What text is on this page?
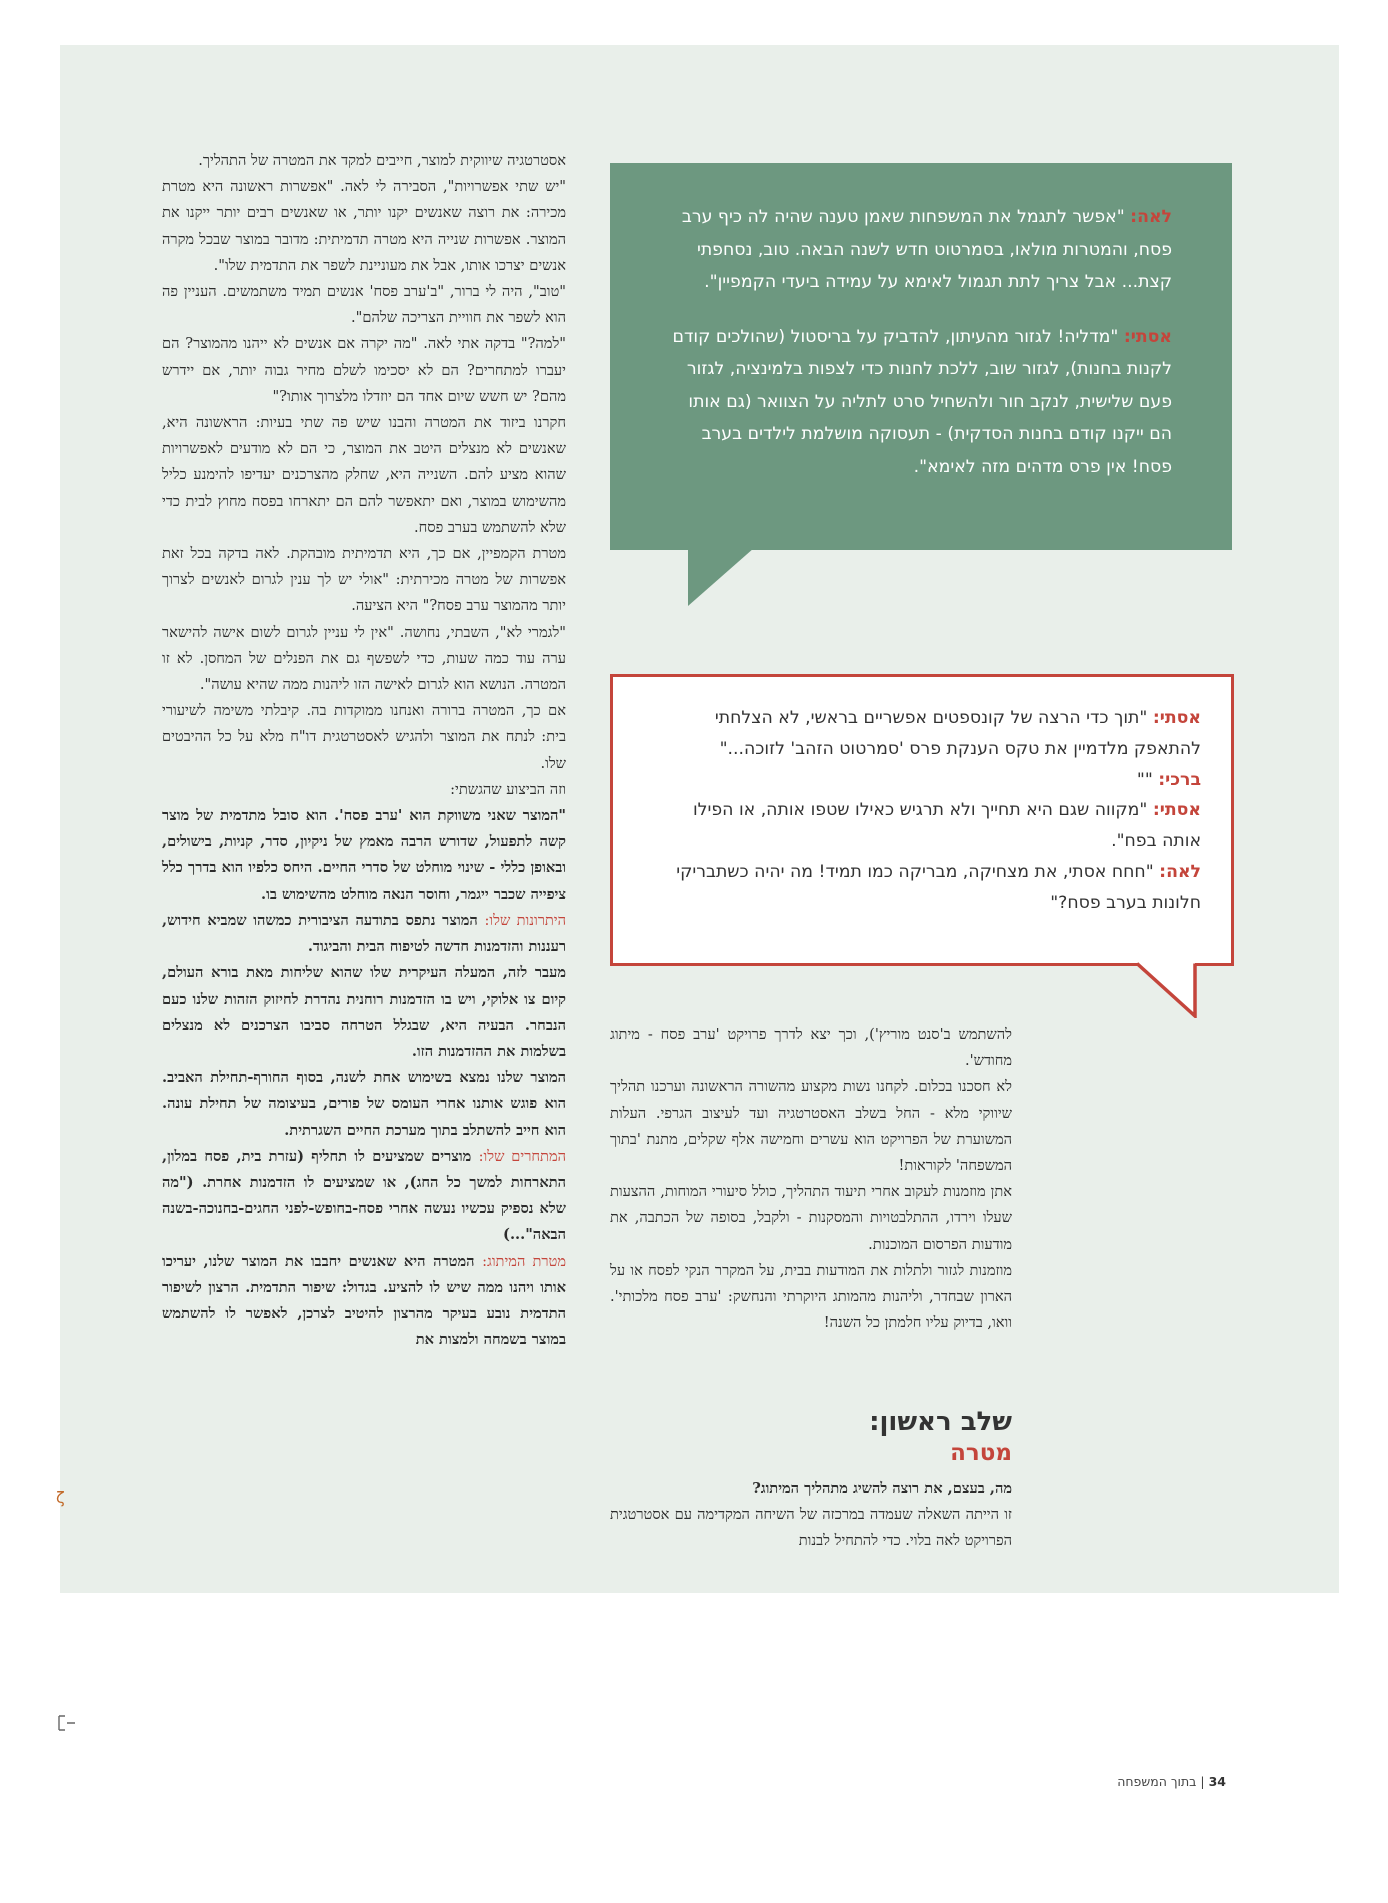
אסטרטגיה שיווקית למוצר, חייבים למקד את המטרה של התהליך.

"יש שתי אפשרויות", הסבירה לי לאה. "אפשרות ראשונה היא מטרת מכירה: את רוצה שאנשים יקנו יותר, או שאנשים רבים יותר ייקנו את המוצר. אפשרות שנייה היא מטרה תדמיתית: מדובר במוצר שבכל מקרה אנשים יצרכו אותו, אבל את מעוניינת לשפר את התדמית שלו".

"טוב", היה לי ברור, "ב'ערב פסח' אנשים תמיד משתמשים. העניין פה הוא לשפר את חוויית הצריכה שלהם".

"למה?" בדקה אתי לאה. "מה יקרה אם אנשים לא ייהנו מהמוצר? הם יעברו למתחרים? הם לא יסכימו לשלם מחיר גבוה יותר, אם יידרש מהם? יש חשש שיום אחד הם יוזדלו מלצרוך אותו?"

חקרנו ביזוד את המטרה והבנו שיש פה שתי בעיות: הראשונה היא, שאנשים לא מנצלים היטב את המוצר, כי הם לא מודעים לאפשרויות שהוא מציע להם. השנייה היא, שחלק מהצרכנים יעדיפו להימנע כליל מהשימוש במוצר, ואם יתאפשר להם הם יתארחו בפסח מחוץ לבית כדי שלא להשתמש בערב פסח.

מטרת הקמפיין, אם כך, היא תדמיתית מובהקת. לאה בדקה בכל זאת אפשרות של מטרה מכירתית: "אולי יש לך ענין לגרום לאנשים לצרוך יותר מהמוצר ערב פסח?" היא הציעה.

"לגמרי לא", השבתי, נחושה. "אין לי עניין לגרום לשום אישה להישאר ערה עוד כמה שעות, כדי לשפשף גם את הפנלים של המחסן. לא זו המטרה. הנושא הוא לגרום לאישה הזו ליהנות ממה שהיא עושה".

אם כך, המטרה ברורה ואנחנו ממוקדות בה. קיבלתי משימה לשיעורי בית: לנתח את המוצר ולהגיש לאסטרטגית דו"ח מלא על כל ההיבטים שלו.

וזה הביצוע שהגשתי:

"המוצר שאני משווקת הוא 'ערב פסח'. הוא סובל מתדמית של מוצר קשה לתפעול, שדורש הרבה מאמץ של ניקיון, סדר, קניות, בישולים, ובאופן כללי - שינוי מוחלט של סדרי החיים. היחס כלפיו הוא בדרך כלל ציפייה שכבר ייגמר, וחוסר הנאה מוחלט מהשימוש בו.

היתרונות שלו: המוצר נתפס בתודעה הציבורית כמשהו שמביא חידוש, רעננות והזדמנות חדשה לטיפוח הבית והביגוד.

מעבר לזה, המעלה העיקרית שלו שהוא שליחות מאת בורא העולם, קיום צו אלוקי, ויש בו הזדמנות רוחנית נהדרת לחיזוק הזהות שלנו כעם הנבחר. הבעיה היא, שבגלל הטרחה סביבו הצרכנים לא מנצלים בשלמות את ההזדמנות הזו.

המוצר שלנו נמצא בשימוש אחת לשנה, בסוף החורף-תחילת האביב. הוא פוגש אותנו אחרי העומס של פורים, בעיצומה של תחילת עונה. הוא חייב להשתלב בתוך מערכת החיים השגרתית.

המתחרים שלו: מוצרים שמציעים לו תחליף (עזרת בית, פסח במלון, התארחות למשך כל החג), או שמציעים לו הזדמנות אחרת. ("מה שלא נספיק עכשיו נעשה אחרי פסח-בחופש-לפני החגים-בחנוכה-בשנה הבאה"...)

מטרת המיתוג: המטרה היא שאנשים יחבבו את המוצר שלנו, יעריכו אותו ויהנו ממה שיש לו להציע. בגדול: שיפור התדמית. הרצון לשיפור התדמית נובע בעיקר מהרצון להיטיב לצרכן, לאפשר לו להשתמש במוצר בשמחה ולמצות את

לאה: "אפשר לתגמל את המשפחות שאמן טענה שהיה לה כיף ערב פסח, והמטרות מולאו, בסמרטוט חדש לשנה הבאה. טוב, נסחפתי קצת... אבל צריך לתת תגמול לאימא על עמידה ביעדי הקמפיין".

אסתי: "מדליה! לגזור מהעיתון, להדביק על בריסטול (שהולכים קודם לקנות בחנות), לגזור שוב, ללכת לחנות כדי לצפות בלמינציה, לגזור פעם שלישית, לנקב חור ולהשחיל סרט לתליה על הצוואר (גם אותו הם ייקנו קודם בחנות הסדקית) - תעסוקה מושלמת לילדים בערב פסח! אין פרס מדהים מזה לאימא".

אסתי: "תוך כדי הרצה של קונספטים אפשריים בראשי, לא הצלחתי להתאפק מלדמיין את טקס הענקת פרס 'סמרטוט הזהב' לזוכה..."

ברכי: ""

אסתי: "מקווה שגם היא תחייך ולא תרגיש כאילו שטפו אותה, או הפילו אותה בפח".

לאה: "חחח אסתי, את מצחיקה, מבריקה כמו תמיד! מה יהיה כשתבריקי חלונות בערב פסח?"

להשתמש ב'סנט מוריץ'), וכך יצא לדרך פרויקט 'ערב פסח - מיתוג מחודש'.

לא חסכנו בכלום. לקחנו נשות מקצוע מהשורה הראשונה וערכנו תהליך שיווקי מלא - החל בשלב האסטרטגיה ועד לעיצוב הגרפי. העלות המשוערת של הפרויקט הוא עשרים וחמישה אלף שקלים, מתנת 'בתוך המשפחה' לקוראות!

אתן מוזמנות לעקוב אחרי תיעוד התהליך, כולל סיעורי המוחות, ההצעות שעלו וירדו, ההתלבטויות והמסקנות - ולקבל, בסופה של הכתבה, את מודעות הפרסום המוכנות.

מוזמנות לגזור ולתלות את המודעות בבית, על המקרר הנקי לפסח או על הארון שבחדר, וליהנות מהמותג היוקרתי והנחשק: 'ערב פסח מלכותי'. וואו, בדיוק עליו חלמתן כל השנה!

שלב ראשון:
מטרה

מה, בעצם, את רוצה להשיג מתהליך המיתוג?

זו הייתה השאלה שעמדה במרכזה של השיחה המקדימה עם אסטרטגית הפרויקט לאה בלוי. כדי להתחיל לבנות

ζ
34 | בתוך המשפחה
